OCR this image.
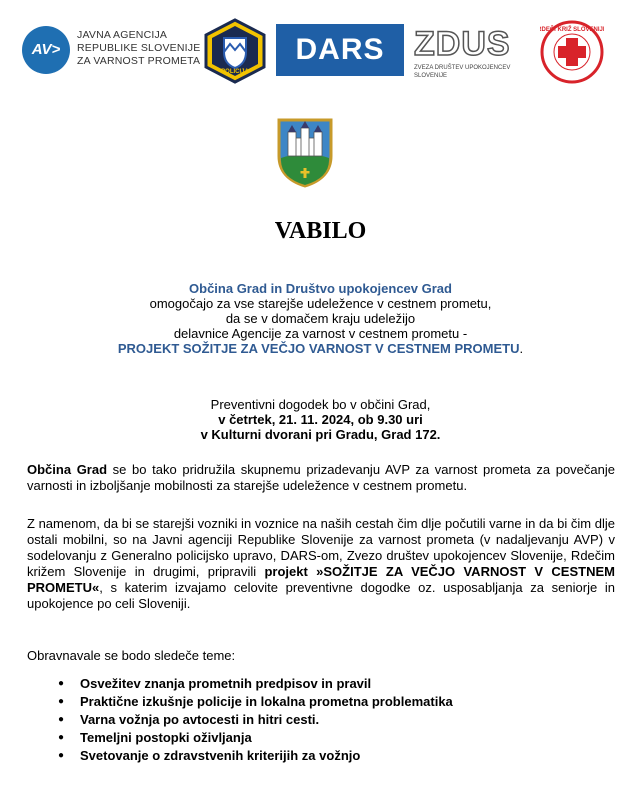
AV>
JAVNA AGENCIJA
REPUBLIKE SLOVENIJE
ZA VARNOST PROMETA
POLICIJA
DARS ZDUS
ZVEZA DRUŠTEV UPOKOJENCEV SLOVENIJE
RDEČI KRIŽ SLOVENIJE
VABILO
Občina Grad in Društvo upokojencev Grad
omogočajo za vse starejše udeležence v cestnem prometu,
da se v domačem kraju udeležijo
delavnice Agencije za varnost v cestnem prometu -
PROJEKT SOŽITJE ZA VEČJO VARNOST V CESTNEM PROMETU.
Preventivni dogodek bo v občini Grad,
v četrtek, 21. 11. 2024, ob 9.30 uri
v Kulturni dvorani pri Gradu, Grad 172.
Občina Grad se bo tako pridružila skupnemu prizadevanju AVP za varnost prometa za povečanje varnosti in izboljšanje mobilnosti za starejše udeležence v cestnem prometu.
Z namenom, da bi se starejši vozniki in voznice na naših cestah čim dlje počutili varne in da bi čim dlje ostali mobilni, so na Javni agenciji Republike Slovenije za varnost prometa (v nadaljevanju AVP) v sodelovanju z Generalno policijsko upravo, DARS-om, Zvezo društev upokojencev Slovenije, Rdečim križem Slovenije in drugimi, pripravili projekt »SOŽITJE ZA VEČJO VARNOST V CESTNEM PROMETU«, s katerim izvajamo celovite preventivne dogodke oz. usposabljanja za seniorje in upokojence po celi Sloveniji.
Obravnavale se bodo sledeče teme:
● Osvežitev znanja prometnih predpisov in pravil
● Praktične izkušnje policije in lokalna prometna problematika
● Varna vožnja po avtocesti in hitri cesti.
● Temeljni postopki oživljanja
● Svetovanje o zdravstvenih kriterijih za vožnjo
